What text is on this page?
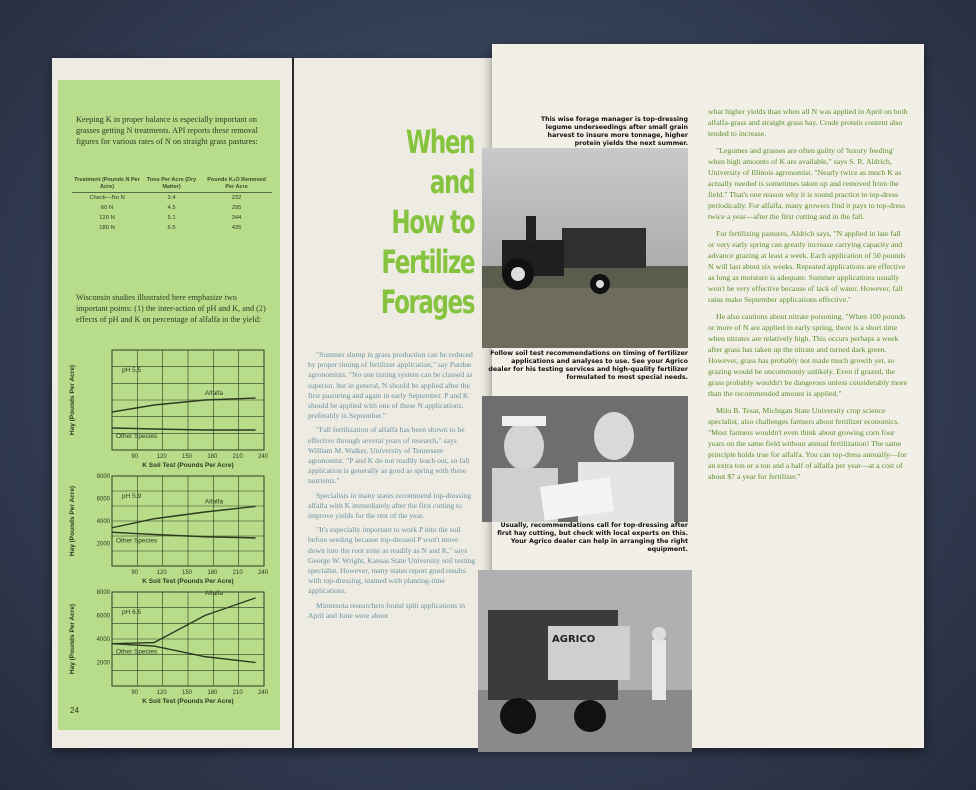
Keeping K in proper balance is especially important on grasses getting N treatments. API reports these removal figures for various rates of N on straight grass pastures:

Treatment (Pounds N Per Acre)	Tons Per Acre (Dry Matter)	Pounds K₂O Removed Per Acre
Check—No N	3.4	232
60 N	4.5	295
120 N	5.1	344
180 N	6.5	435

Wisconsin studies illustrated here emphasize two important points: (1) the inter-action of pH and K, and (2) effects of pH and K on percentage of alfalfa in the yield:

Alfalfa
Other Species
pH 5.5
90	120	150	180	210	240
K Soil Test (Pounds Per Acre)
Hay (Pounds Per Acre)
Alfalfa
Other Species
pH 5.9
90	120	150	180	210	240
2000
4000
6000
8000
K Soil Test (Pounds Per Acre)
Hay (Pounds Per Acre)
Alfalfa
Other Species
pH 6.5
90	120	150	180	210	240
2000
4000
6000
8000
K Soil Test (Pounds Per Acre)
Hay (Pounds Per Acre)
24
When and
How to
Fertilize
Forages

"Summer slump in grass production can be reduced by proper timing of fertilizer application," say Purdue agronomists. "No one timing system can be classed as superior, but in general, N should be applied after the first pasturing and again in early September. P and K should be applied with one of these N applications, preferably in September."

"Fall fertilization of alfalfa has been shown to be effective through several years of research," says William M. Walker, University of Tennessee agronomist. "P and K do not readily leach out, so fall application is generally as good as spring with these nutrients."

Specialists in many states recommend top-dressing alfalfa with K immediately after the first cutting to improve yields for the rest of the year.

"It's especially important to work P into the soil before seeding because top-dressed P won't move down into the root zone as readily as N and K," says George W. Wright, Kansas State University soil testing specialist. However, many states report good results with top-dressing, teamed with planting-time applications.

Minnesota researchers found split applications in April and June were about

This wise forage manager is top-dressing legume underseedings after small grain harvest to insure more tonnage, higher protein yields the next summer.
Follow soil test recommendations on timing of fertilizer applications and analyses to use. See your Agrico dealer for his testing services and high-quality fertilizer formulated to most special needs.
Usually, recommendations call for top-dressing after first hay cutting, but check with local experts on this. Your Agrico dealer can help in arranging the right equipment.
AGRICO

what higher yields than when all N was applied in April on both alfalfa-grass and straight grass hay. Crude protein content also tended to increase.

"Legumes and grasses are often guilty of 'luxury feeding' when high amounts of K are available," says S. R. Aldrich, University of Illinois agronomist. "Nearly twice as much K as actually needed is sometimes taken up and removed from the field." That's one reason why it is sound practice to top-dress periodically. For alfalfa, many growers find it pays to top-dress twice a year—after the first cutting and in the fall.

For fertilizing pastures, Aldrich says, "N applied in late fall or very early spring can greatly increase carrying capacity and advance grazing at least a week. Each application of 50 pounds N will last about six weeks. Repeated applications are effective as long as moisture is adequate. Summer applications usually won't be very effective because of lack of water. However, fall rains make September applications effective."

He also cautions about nitrate poisoning. "When 100 pounds or more of N are applied in early spring, there is a short time when nitrates are relatively high. This occurs perhaps a week after grass has taken up the nitrate and turned dark green. However, grass has probably not made much growth yet, so grazing would be uncommonly unlikely. Even if grazed, the grass probably wouldn't be dangerous unless considerably more than the recommended amount is applied."

Milo B. Tesar, Michigan State University crop science specialist, also challenges farmers about fertilizer economics. "Most farmers wouldn't even think about growing corn four years on the same field without annual fertilization! The same principle holds true for alfalfa. You can top-dress annually—for an extra ton or a ton and a half of alfalfa per year—at a cost of about $7 a year for fertilizer."
